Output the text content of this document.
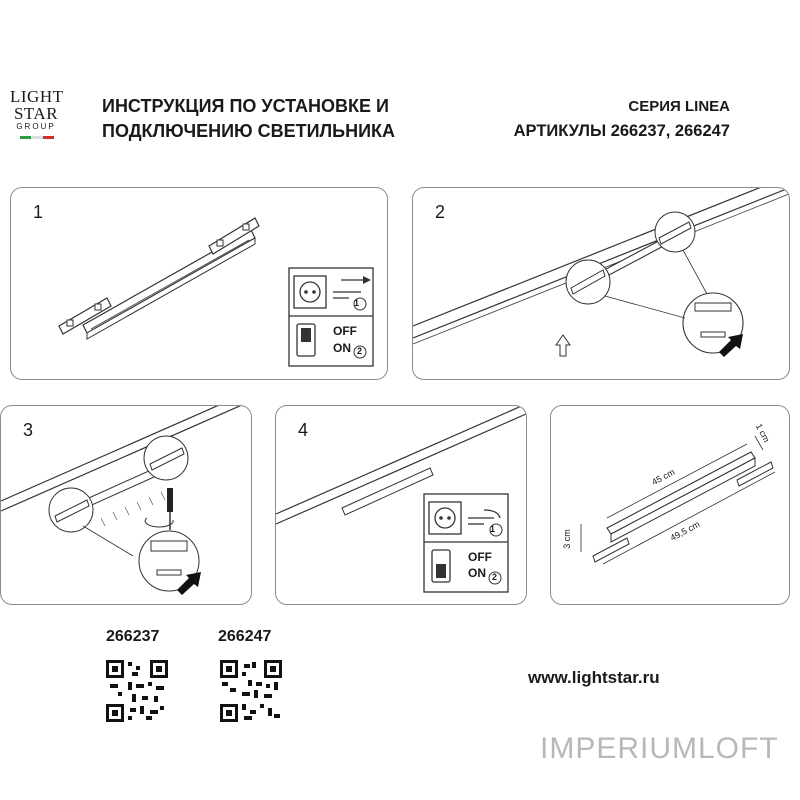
LIGHT
STAR
GROUP
ИНСТРУКЦИЯ ПО УСТАНОВКЕ И
ПОДКЛЮЧЕНИЮ СВЕТИЛЬНИКА
СЕРИЯ LINEA
АРТИКУЛЫ 266237, 266247
1
1
OFF
ON 2
2
3	4
1
OFF
ON 2
45 cm
1 cm
3 cm	49,5 cm
266237	266247
www.lightstar.ru
IMPERIUMLOFT
